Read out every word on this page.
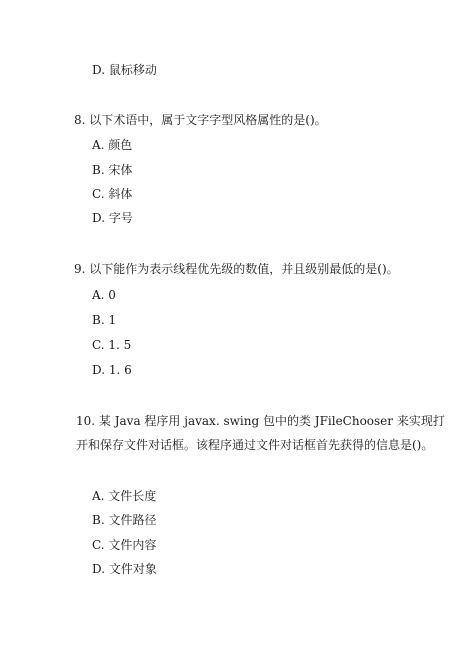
D. 鼠标移动
8. 以下术语中，属于文字字型风格属性的是()。
A. 颜色
B. 宋体
C. 斜体
D. 字号
9. 以下能作为表示线程优先级的数值，并且级别最低的是()。
A. 0
B. 1
C. 1. 5
D. 1. 6
10. 某 Java 程序用 javax. swing 包中的类 JFileChooser 来实现打
开和保存文件对话框。该程序通过文件对话框首先获得的信息是()。
A. 文件长度
B. 文件路径
C. 文件内容
D. 文件对象
